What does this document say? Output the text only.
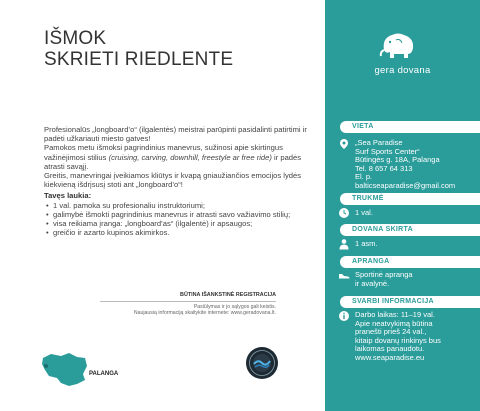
IŠMOK
SKRIETI RIEDLENTE

Profesionalūs „longboard’o“ (ilgalentės) meistrai parūpinti pasidalinti patirtimi ir padėti užkariauti miesto gatves!

Pamokos metu išmoksi pagrindinius manevrus, sužinosi apie skirtingus važinėjimosi stilius (cruising, carving, downhill, freestyle ar free ride) ir padės atrasti savąjį.

Greitis, manevringai įveikiamos kliūtys ir kvapą gniaužiančios emocijos lydės kiekvieną išdrįsusį stoti ant „longboard’o“!

Tavęs laukia:

• 1 val. pamoka su profesionaliu instruktoriumi;
• galimybė išmokti pagrindinius manevrus ir atrasti savo važiavimo stilių;
• visa reikiama įranga: „longboard’as“ (ilgalentė) ir apsaugos;
• greičio ir azarto kupinos akimirkos.
BŪTINA IŠANKSTINĖ REGISTRACIJA
Pasiūlymas ir jo sąlygos gali keistis.
Naujausią informaciją skaitykite internete: www.geradovana.lt.
PALANGA
gera dovana
VIETA
„Sea Paradise
Surf Sports Center“
Būtingės g. 18A, Palanga
Tel. 8 657 64 313
El. p.
balticseaparadise@gmail.com
TRUKMĖ
1 val.
DOVANA SKIRTA
1 asm.
APRANGA
Sportinė apranga
ir avalynė.
SVARBI INFORMACIJA
Darbo laikas: 11–19 val.
Apie neatvykimą būtina
pranešti prieš 24 val.,
kitaip dovanų rinkinys bus
laikomas panaudotu.
www.seaparadise.eu
